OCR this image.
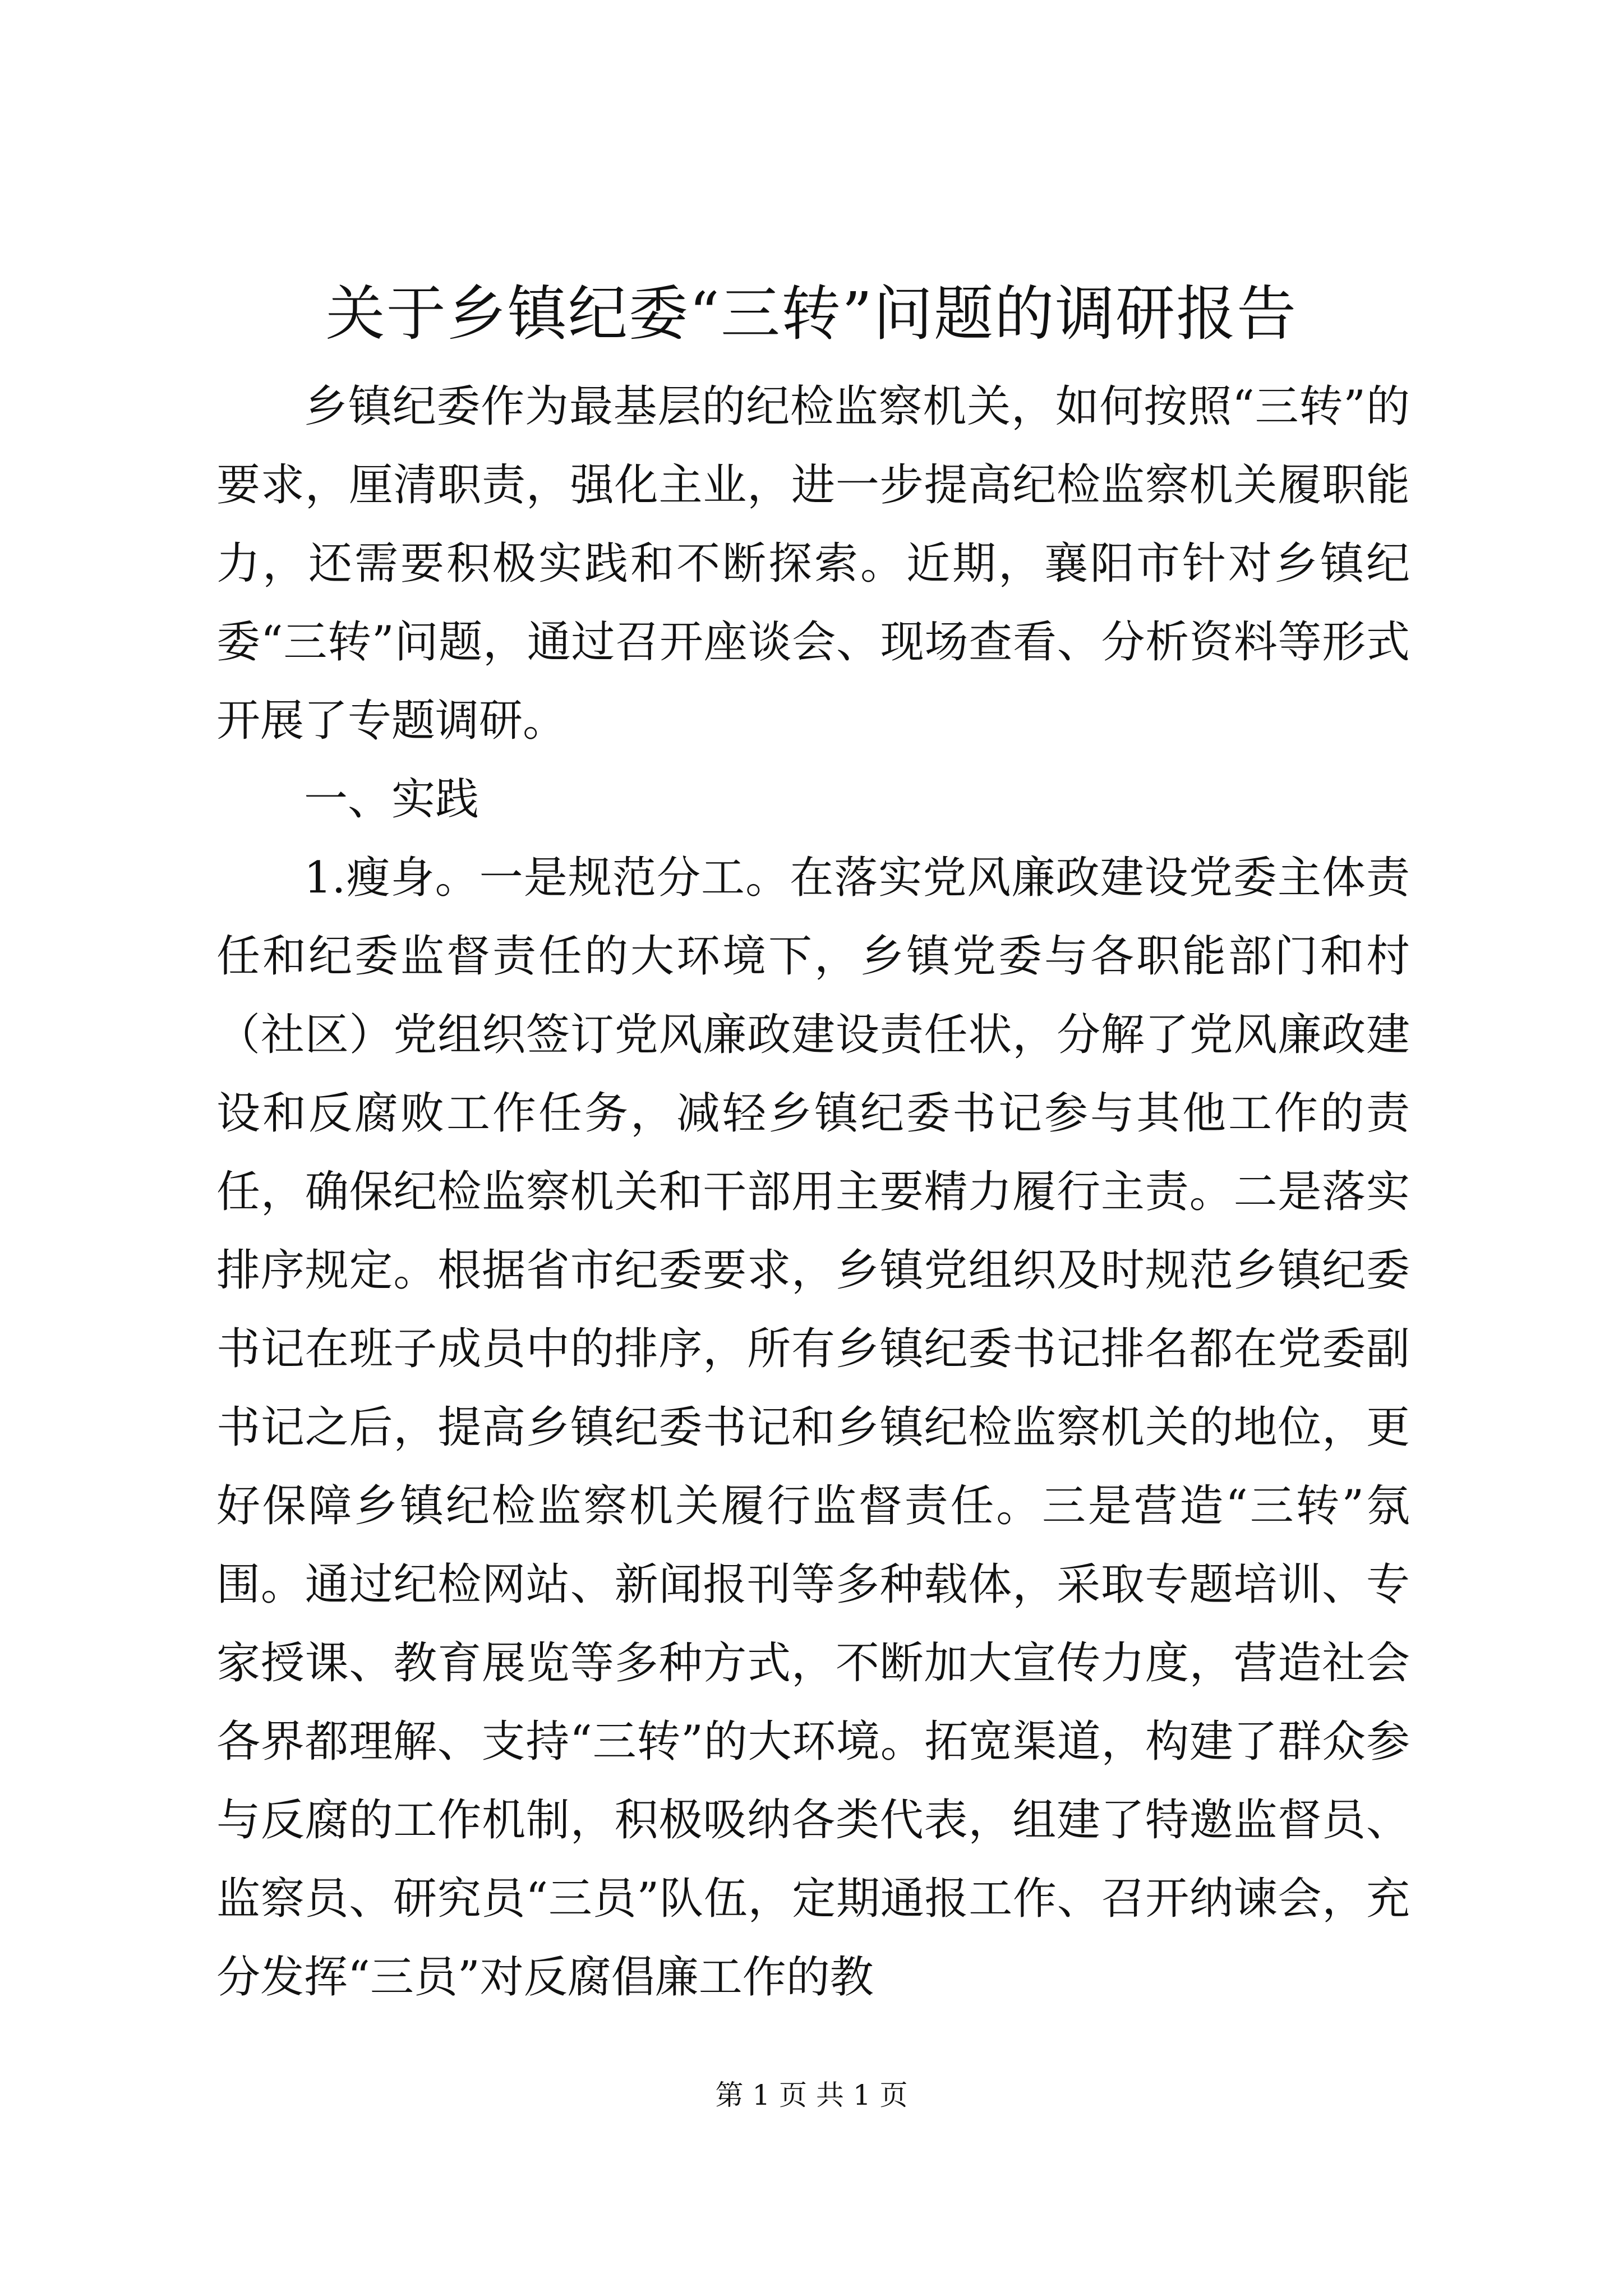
关于乡镇纪委“三转”问题的调研报告

乡镇纪委作为最基层的纪检监察机关，如何按照“三转”的要求，厘清职责，强化主业，进一步提高纪检监察机关履职能力，还需要积极实践和不断探索。近期，襄阳市针对乡镇纪委“三转”问题，通过召开座谈会、现场查看、分析资料等形式开展了专题调研。

一、实践

1.瘦身。一是规范分工。在落实党风廉政建设党委主体责任和纪委监督责任的大环境下，乡镇党委与各职能部门和村（社区）党组织签订党风廉政建设责任状，分解了党风廉政建设和反腐败工作任务，减轻乡镇纪委书记参与其他工作的责任，确保纪检监察机关和干部用主要精力履行主责。二是落实排序规定。根据省市纪委要求，乡镇党组织及时规范乡镇纪委书记在班子成员中的排序，所有乡镇纪委书记排名都在党委副书记之后，提高乡镇纪委书记和乡镇纪检监察机关的地位，更好保障乡镇纪检监察机关履行监督责任。三是营造“三转”氛围。通过纪检网站、新闻报刊等多种载体，采取专题培训、专家授课、教育展览等多种方式，不断加大宣传力度，营造社会各界都理解、支持“三转”的大环境。拓宽渠道，构建了群众参与反腐的工作机制，积极吸纳各类代表，组建了特邀监督员、监察员、研究员“三员”队伍，定期通报工作、召开纳谏会，充分发挥“三员”对反腐倡廉工作的教

第 1 页 共 1 页
